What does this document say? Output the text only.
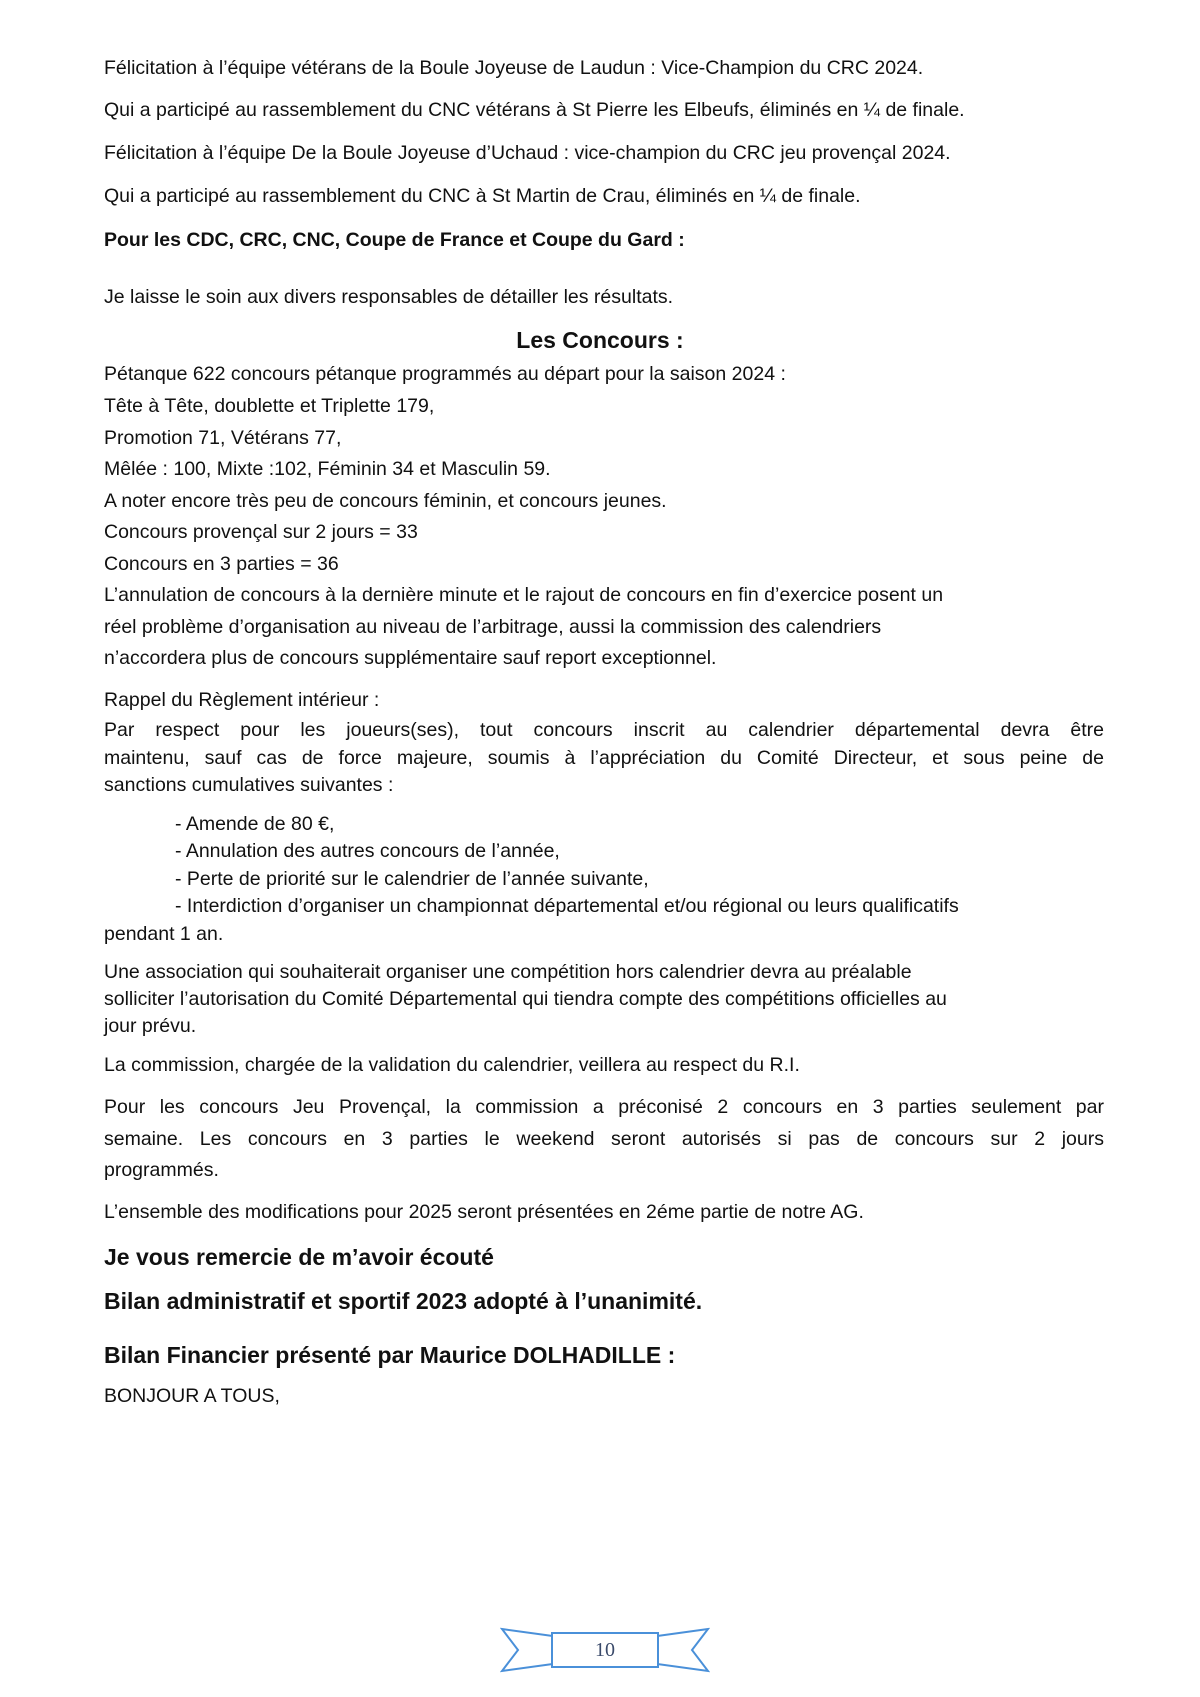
Félicitation à l’équipe vétérans de la Boule Joyeuse de Laudun : Vice-Champion du CRC 2024.
Qui a participé au rassemblement du CNC vétérans à St Pierre les Elbeufs, éliminés en ¼ de finale.
Félicitation à l’équipe De la Boule Joyeuse d’Uchaud : vice-champion du CRC jeu provençal 2024.
Qui a participé au rassemblement du CNC à St Martin de Crau, éliminés en ¼ de finale.
Pour les CDC, CRC, CNC, Coupe de France et Coupe du Gard :
Je laisse le soin aux divers responsables de détailler les résultats.
Les Concours :
Pétanque 622 concours pétanque programmés au départ pour la saison 2024 :
Tête à Tête, doublette et Triplette 179,
Promotion 71, Vétérans 77,
Mêlée : 100, Mixte :102, Féminin 34 et Masculin 59.
A noter encore très peu de concours féminin, et concours jeunes.
Concours provençal sur 2 jours = 33
Concours en 3 parties = 36
L’annulation de concours à la dernière minute et le rajout de concours en fin d’exercice posent un
réel problème d’organisation au niveau de l’arbitrage, aussi la commission des calendriers
n’accordera plus de concours supplémentaire sauf report exceptionnel.
Rappel du Règlement intérieur :
Par respect pour les joueurs(ses), tout concours inscrit au calendrier départemental devra être
maintenu, sauf cas de force majeure, soumis à l’appréciation du Comité Directeur, et sous peine de
sanctions cumulatives suivantes :
- Amende de 80 €,
- Annulation des autres concours de l’année,
- Perte de priorité sur le calendrier de l’année suivante,
- Interdiction d’organiser un championnat départemental et/ou régional ou leurs qualificatifs
pendant 1 an.
Une association qui souhaiterait organiser une compétition hors calendrier devra au préalable
solliciter l’autorisation du Comité Départemental qui tiendra compte des compétitions officielles au
jour prévu.
La commission, chargée de la validation du calendrier, veillera au respect du R.I.
Pour les concours Jeu Provençal, la commission a préconisé 2 concours en 3 parties seulement par
semaine. Les concours en 3 parties le weekend seront autorisés si pas de concours sur 2 jours
programmés.
L’ensemble des modifications pour 2025 seront présentées en 2éme partie de notre AG.
Je vous remercie de m’avoir écouté
Bilan administratif et sportif 2023 adopté à l’unanimité.
Bilan Financier présenté par Maurice DOLHADILLE :
BONJOUR A TOUS,
10
